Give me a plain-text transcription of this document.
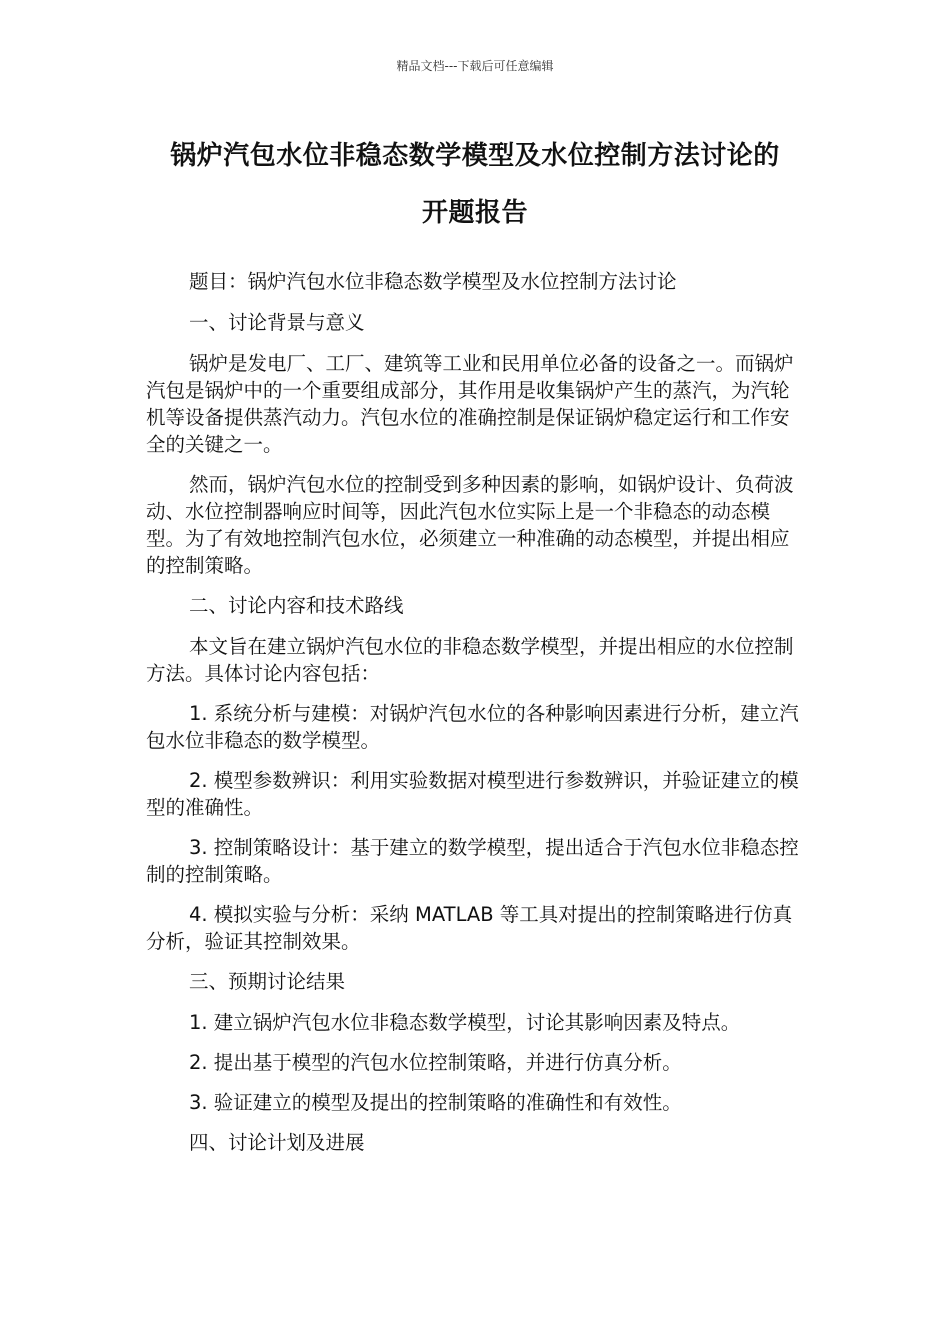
精品文档---下载后可任意编辑
锅炉汽包水位非稳态数学模型及水位控制方法讨论的
开题报告

题目：锅炉汽包水位非稳态数学模型及水位控制方法讨论

一、讨论背景与意义

锅炉是发电厂、工厂、建筑等工业和民用单位必备的设备之一。而锅炉汽包是锅炉中的一个重要组成部分，其作用是收集锅炉产生的蒸汽，为汽轮机等设备提供蒸汽动力。汽包水位的准确控制是保证锅炉稳定运行和工作安全的关键之一。

然而，锅炉汽包水位的控制受到多种因素的影响，如锅炉设计、负荷波动、水位控制器响应时间等，因此汽包水位实际上是一个非稳态的动态模型。为了有效地控制汽包水位，必须建立一种准确的动态模型，并提出相应的控制策略。

二、讨论内容和技术路线

本文旨在建立锅炉汽包水位的非稳态数学模型，并提出相应的水位控制方法。具体讨论内容包括：

1. 系统分析与建模：对锅炉汽包水位的各种影响因素进行分析，建立汽包水位非稳态的数学模型。

2. 模型参数辨识：利用实验数据对模型进行参数辨识，并验证建立的模型的准确性。

3. 控制策略设计：基于建立的数学模型，提出适合于汽包水位非稳态控制的控制策略。

4. 模拟实验与分析：采纳 MATLAB 等工具对提出的控制策略进行仿真分析，验证其控制效果。

三、预期讨论结果

1. 建立锅炉汽包水位非稳态数学模型，讨论其影响因素及特点。

2. 提出基于模型的汽包水位控制策略，并进行仿真分析。

3. 验证建立的模型及提出的控制策略的准确性和有效性。

四、讨论计划及进展
